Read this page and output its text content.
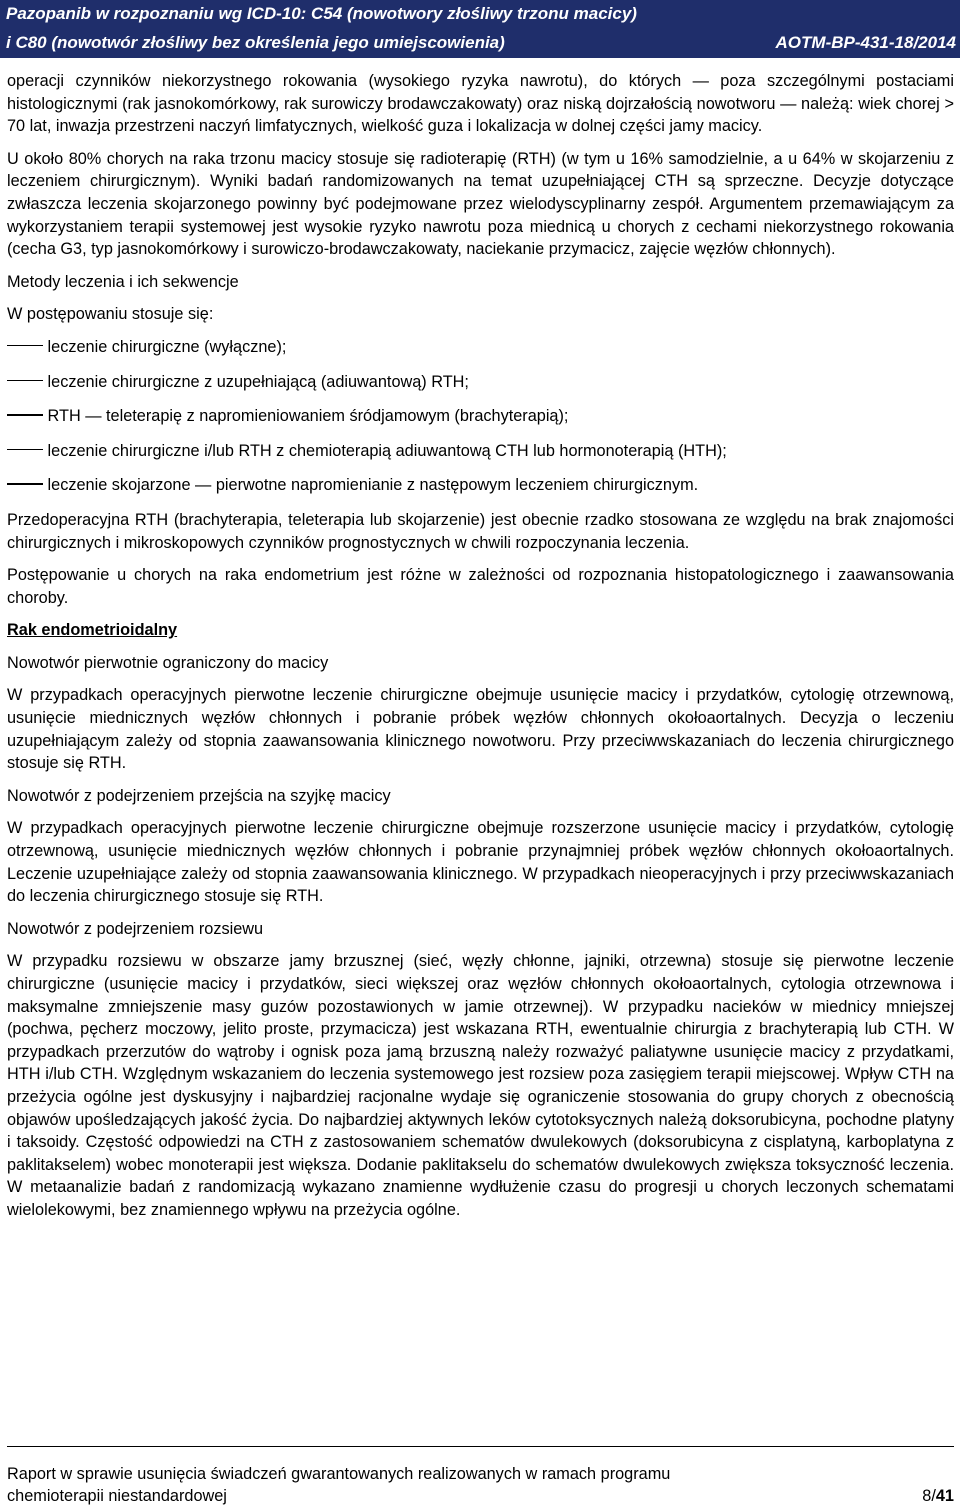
Pazopanib w rozpoznaniu wg ICD-10: C54 (nowotwory złośliwy trzonu macicy)
i C80 (nowotwór złośliwy bez określenia jego umiejscowienia)	AOTM-BP-431-18/2014

operacji czynników niekorzystnego rokowania (wysokiego ryzyka nawrotu), do których — poza szczególnymi postaciami histologicznymi (rak jasnokomórkowy, rak surowiczy brodawczakowaty) oraz niską dojrzałością nowotworu — należą: wiek chorej > 70 lat, inwazja przestrzeni naczyń limfatycznych, wielkość guza i lokalizacja w dolnej części jamy macicy.

U około 80% chorych na raka trzonu macicy stosuje się radioterapię (RTH) (w tym u 16% samodzielnie, a u 64% w skojarzeniu z leczeniem chirurgicznym). Wyniki badań randomizowanych na temat uzupełniającej CTH są sprzeczne. Decyzje dotyczące zwłaszcza leczenia skojarzonego powinny być podejmowane przez wielodyscyplinarny zespół. Argumentem przemawiającym za wykorzystaniem terapii systemowej jest wysokie ryzyko nawrotu poza miednicą u chorych z cechami niekorzystnego rokowania (cecha G3, typ jasnokomórkowy i surowiczo-brodawczakowaty, naciekanie przymacicz, zajęcie węzłów chłonnych).

Metody leczenia i ich sekwencje

W postępowaniu stosuje się:

leczenie chirurgiczne (wyłączne);
leczenie chirurgiczne z uzupełniającą (adiuwantową) RTH;
RTH — teleterapię z napromieniowaniem śródjamowym (brachyterapią);
leczenie chirurgiczne i/lub RTH z chemioterapią adiuwantową CTH lub hormonoterapią (HTH);
leczenie skojarzone — pierwotne napromienianie z następowym leczeniem chirurgicznym.

Przedoperacyjna RTH (brachyterapia, teleterapia lub skojarzenie) jest obecnie rzadko stosowana ze względu na brak znajomości chirurgicznych i mikroskopowych czynników prognostycznych w chwili rozpoczynania leczenia.

Postępowanie u chorych na raka endometrium jest różne w zależności od rozpoznania histopatologicznego i zaawansowania choroby.

Rak endometrioidalny

Nowotwór pierwotnie ograniczony do macicy

W przypadkach operacyjnych pierwotne leczenie chirurgiczne obejmuje usunięcie macicy i przydatków, cytologię otrzewnową, usunięcie miednicznych węzłów chłonnych i pobranie próbek węzłów chłonnych okołoaortalnych. Decyzja o leczeniu uzupełniającym zależy od stopnia zaawansowania klinicznego nowotworu. Przy przeciwwskazaniach do leczenia chirurgicznego stosuje się RTH.

Nowotwór z podejrzeniem przejścia na szyjkę macicy

W przypadkach operacyjnych pierwotne leczenie chirurgiczne obejmuje rozszerzone usunięcie macicy i przydatków, cytologię otrzewnową, usunięcie miednicznych węzłów chłonnych i pobranie przynajmniej próbek węzłów chłonnych okołoaortalnych. Leczenie uzupełniające zależy od stopnia zaawansowania klinicznego. W przypadkach nieoperacyjnych i przy przeciwwskazaniach do leczenia chirurgicznego stosuje się RTH.

Nowotwór z podejrzeniem rozsiewu

W przypadku rozsiewu w obszarze jamy brzusznej (sieć, węzły chłonne, jajniki, otrzewna) stosuje się pierwotne leczenie chirurgiczne (usunięcie macicy i przydatków, sieci większej oraz węzłów chłonnych okołoaortalnych, cytologia otrzewnowa i maksymalne zmniejszenie masy guzów pozostawionych w jamie otrzewnej). W przypadku nacieków w miednicy mniejszej (pochwa, pęcherz moczowy, jelito proste, przymacicza) jest wskazana RTH, ewentualnie chirurgia z brachyterapią lub CTH. W przypadkach przerzutów do wątroby i ognisk poza jamą brzuszną należy rozważyć paliatywne usunięcie macicy z przydatkami, HTH i/lub CTH. Względnym wskazaniem do leczenia systemowego jest rozsiew poza zasięgiem terapii miejscowej. Wpływ CTH na przeżycia ogólne jest dyskusyjny i najbardziej racjonalne wydaje się ograniczenie stosowania do grupy chorych z obecnością objawów upośledzających jakość życia. Do najbardziej aktywnych leków cytotoksycznych należą doksorubicyna, pochodne platyny i taksoidy. Częstość odpowiedzi na CTH z zastosowaniem schematów dwulekowych (doksorubicyna z cisplatyną, karboplatyna z paklitakselem) wobec monoterapii jest większa. Dodanie paklitakselu do schematów dwulekowych zwiększa toksyczność leczenia. W metaanalizie badań z randomizacją wykazano znamienne wydłużenie czasu do progresji u chorych leczonych schematami wielolekowymi, bez znamiennego wpływu na przeżycia ogólne.

Raport w sprawie usunięcia świadczeń gwarantowanych realizowanych w ramach programu
chemioterapii niestandardowej	8/41
